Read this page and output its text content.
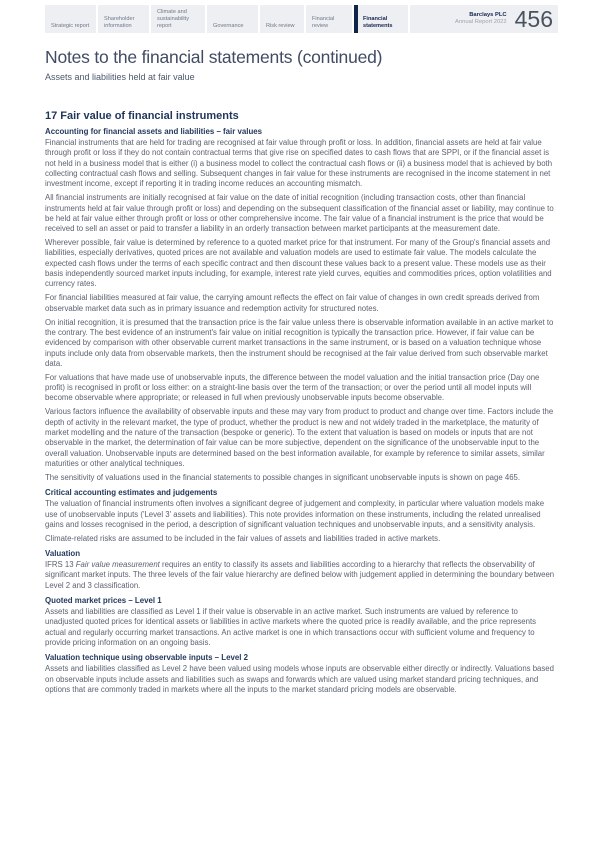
Strategic report
Shareholder information
Climate and sustainability report	Governance	Risk review
Financial review
Financial statements
Barclays PLC
Annual Report 2022 456
Notes to the financial statements (continued)
Assets and liabilities held at fair value
17 Fair value of financial instruments
Accounting for financial assets and liabilities – fair values

Financial instruments that are held for trading are recognised at fair value through profit or loss. In addition, financial assets are held at fair value through profit or loss if they do not contain contractual terms that give rise on specified dates to cash flows that are SPPI, or if the financial asset is not held in a business model that is either (i) a business model to collect the contractual cash flows or (ii) a business model that is achieved by both collecting contractual cash flows and selling. Subsequent changes in fair value for these instruments are recognised in the income statement in net investment income, except if reporting it in trading income reduces an accounting mismatch.

All financial instruments are initially recognised at fair value on the date of initial recognition (including transaction costs, other than financial instruments held at fair value through profit or loss) and depending on the subsequent classification of the financial asset or liability, may continue to be held at fair value either through profit or loss or other comprehensive income. The fair value of a financial instrument is the price that would be received to sell an asset or paid to transfer a liability in an orderly transaction between market participants at the measurement date.

Wherever possible, fair value is determined by reference to a quoted market price for that instrument. For many of the Group's financial assets and liabilities, especially derivatives, quoted prices are not available and valuation models are used to estimate fair value. The models calculate the expected cash flows under the terms of each specific contract and then discount these values back to a present value. These models use as their basis independently sourced market inputs including, for example, interest rate yield curves, equities and commodities prices, option volatilities and currency rates.

For financial liabilities measured at fair value, the carrying amount reflects the effect on fair value of changes in own credit spreads derived from observable market data such as in primary issuance and redemption activity for structured notes.

On initial recognition, it is presumed that the transaction price is the fair value unless there is observable information available in an active market to the contrary. The best evidence of an instrument's fair value on initial recognition is typically the transaction price. However, if fair value can be evidenced by comparison with other observable current market transactions in the same instrument, or is based on a valuation technique whose inputs include only data from observable markets, then the instrument should be recognised at the fair value derived from such observable market data.

For valuations that have made use of unobservable inputs, the difference between the model valuation and the initial transaction price (Day one profit) is recognised in profit or loss either: on a straight-line basis over the term of the transaction; or over the period until all model inputs will become observable where appropriate; or released in full when previously unobservable inputs become observable.

Various factors influence the availability of observable inputs and these may vary from product to product and change over time. Factors include the depth of activity in the relevant market, the type of product, whether the product is new and not widely traded in the marketplace, the maturity of market modelling and the nature of the transaction (bespoke or generic). To the extent that valuation is based on models or inputs that are not observable in the market, the determination of fair value can be more subjective, dependent on the significance of the unobservable input to the overall valuation. Unobservable inputs are determined based on the best information available, for example by reference to similar assets, similar maturities or other analytical techniques.

The sensitivity of valuations used in the financial statements to possible changes in significant unobservable inputs is shown on page 465.

Critical accounting estimates and judgements

The valuation of financial instruments often involves a significant degree of judgement and complexity, in particular where valuation models make use of unobservable inputs ('Level 3' assets and liabilities). This note provides information on these instruments, including the related unrealised gains and losses recognised in the period, a description of significant valuation techniques and unobservable inputs, and a sensitivity analysis.

Climate-related risks are assumed to be included in the fair values of assets and liabilities traded in active markets.

Valuation

IFRS 13 Fair value measurement requires an entity to classify its assets and liabilities according to a hierarchy that reflects the observability of significant market inputs. The three levels of the fair value hierarchy are defined below with judgement applied in determining the boundary between Level 2 and 3 classification.

Quoted market prices – Level 1

Assets and liabilities are classified as Level 1 if their value is observable in an active market. Such instruments are valued by reference to unadjusted quoted prices for identical assets or liabilities in active markets where the quoted price is readily available, and the price represents actual and regularly occurring market transactions. An active market is one in which transactions occur with sufficient volume and frequency to provide pricing information on an ongoing basis.

Valuation technique using observable inputs – Level 2

Assets and liabilities classified as Level 2 have been valued using models whose inputs are observable either directly or indirectly. Valuations based on observable inputs include assets and liabilities such as swaps and forwards which are valued using market standard pricing techniques, and options that are commonly traded in markets where all the inputs to the market standard pricing models are observable.
